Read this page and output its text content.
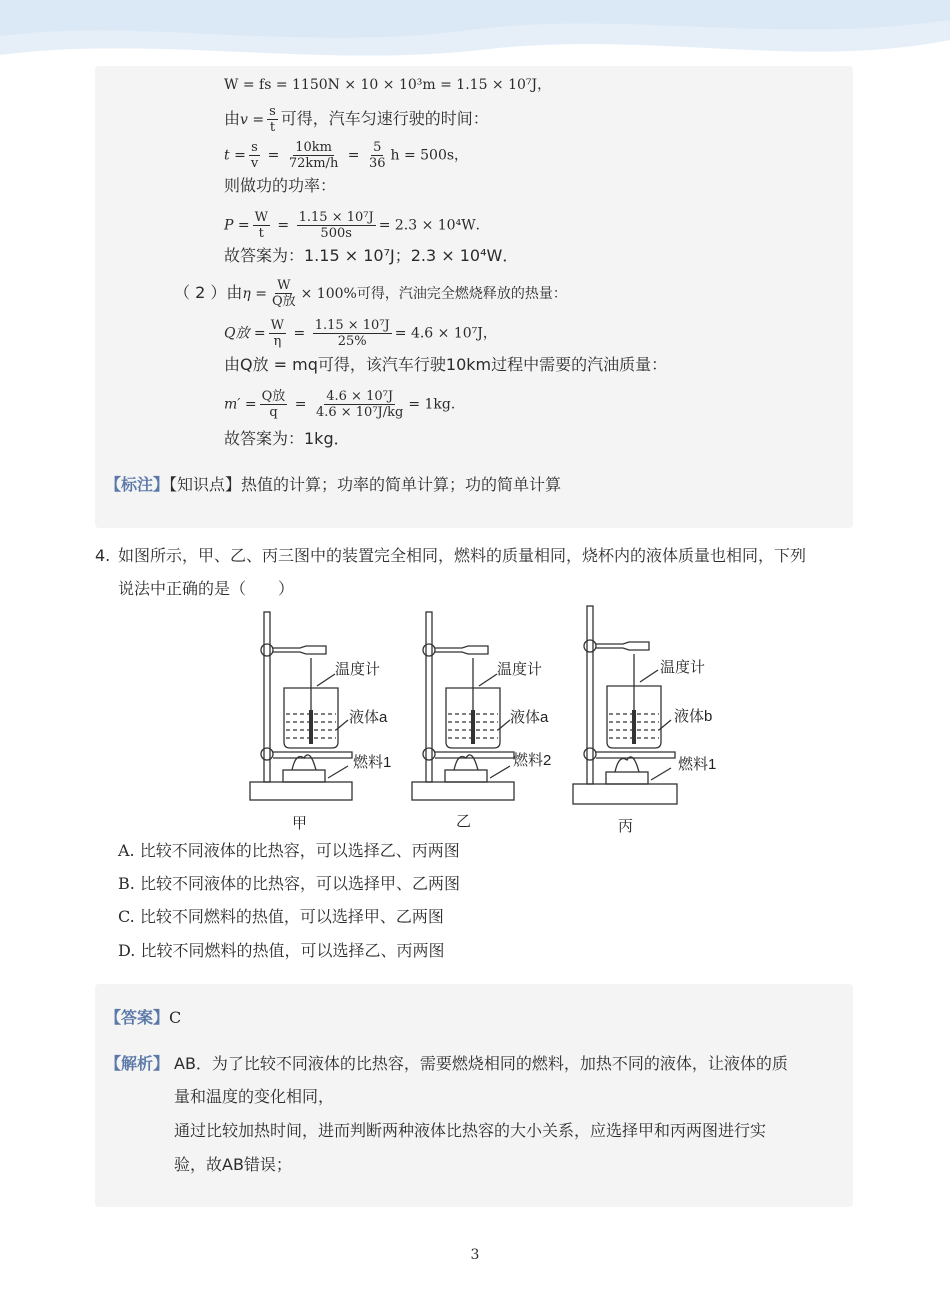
W = fs = 1150N × 10 × 10³m = 1.15 × 10⁷J，
由$v = \frac{s}{t}$ 可得，汽车匀速行驶的时间：
$t = \frac{s}{v} = \frac{10km}{72km/h} = \frac{5}{36}$ h = 500s，
则做功的功率：
$P = \frac{W}{t} = \frac{\text{1.15 × 10⁷J}}{500s} = 2.3 \times 10^4W$．
故答案为：1.15 × 10⁷J；2.3 × 10⁴W．
（ 2 ）由$\eta = \frac{W}{\text{Q放}} \times 100\%$可得，汽油完全燃烧释放的热量：
Q放 = $\frac{W}{\eta} = \frac{\text{1.15 × 10⁷J}}{25\%} = 4.6 \times 10^7J$，
由Q放 = mq可得，该汽车行驶10km过程中需要的汽油质量：
$m' = \frac{\text{Q放}}{q} = \frac{\text{4.6 × 10⁷J}}{\text{4.6 × 10⁷J/kg}} = 1kg$．
故答案为：1kg．
【标注】【知识点】热值的计算；功率的简单计算；功的简单计算
4. 如图所示，甲、乙、丙三图中的装置完全相同，燃料的质量相同，烧杯内的液体质量也相同，下列
说法中正确的是（　　）
温度计
液体a
燃料1
甲
温度计
液体a
燃料2
乙
温度计
液体b
燃料1
丙
A. 比较不同液体的比热容，可以选择乙、丙两图
B. 比较不同液体的比热容，可以选择甲、乙两图
C. 比较不同燃料的热值，可以选择甲、乙两图
D. 比较不同燃料的热值，可以选择乙、丙两图
【答案】C
【解析】 AB．为了比较不同液体的比热容，需要燃烧相同的燃料，加热不同的液体，让液体的质
量和温度的变化相同，
通过比较加热时间，进而判断两种液体比热容的大小关系，应选择甲和丙两图进行实
验，故AB错误；
3
